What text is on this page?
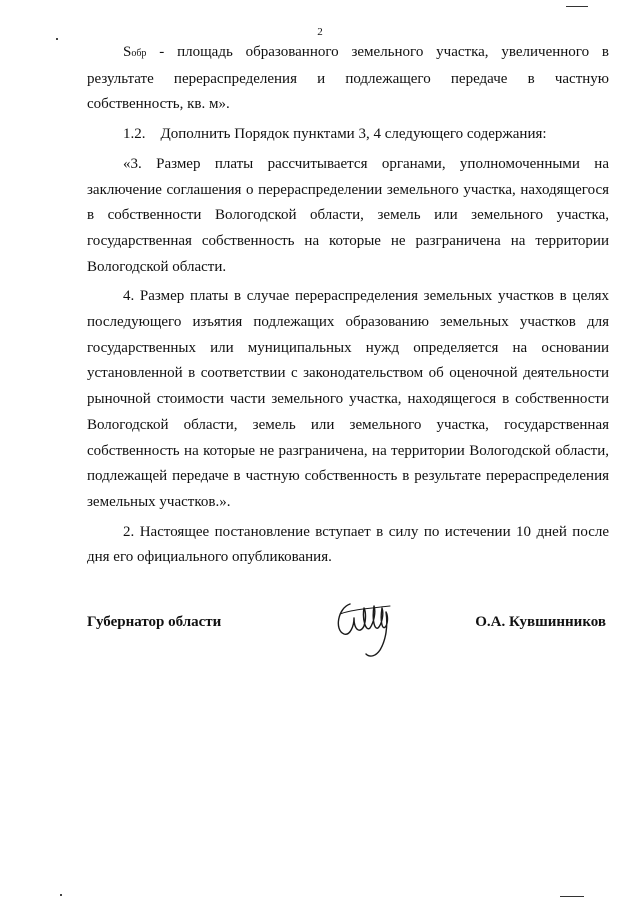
2

Sобр - площадь образованного земельного участка, увеличенного в результате перераспределения и подлежащего передаче в частную собственность, кв. м».

1.2.    Дополнить Порядок пунктами 3, 4 следующего содержания:

«3. Размер платы рассчитывается органами, уполномоченными на заключение соглашения о перераспределении земельного участка, находящегося в собственности Вологодской области, земель или земельного участка, государственная собственность на которые не разграничена на территории Вологодской области.

4. Размер платы в случае перераспределения земельных участков в целях последующего изъятия подлежащих образованию земельных участков для государственных или муниципальных нужд определяется на основании установленной в соответствии с законодательством об оценочной деятельности рыночной стоимости части земельного участка, находящегося в собственности Вологодской области, земель или земельного участка, государственная собственность на которые не разграничена, на территории Вологодской области, подлежащей передаче в частную собственность в результате перераспределения земельных участков.».

2. Настоящее постановление вступает в силу по истечении 10 дней после дня его официального опубликования.

Губернатор области	О.А. Кувшинников
